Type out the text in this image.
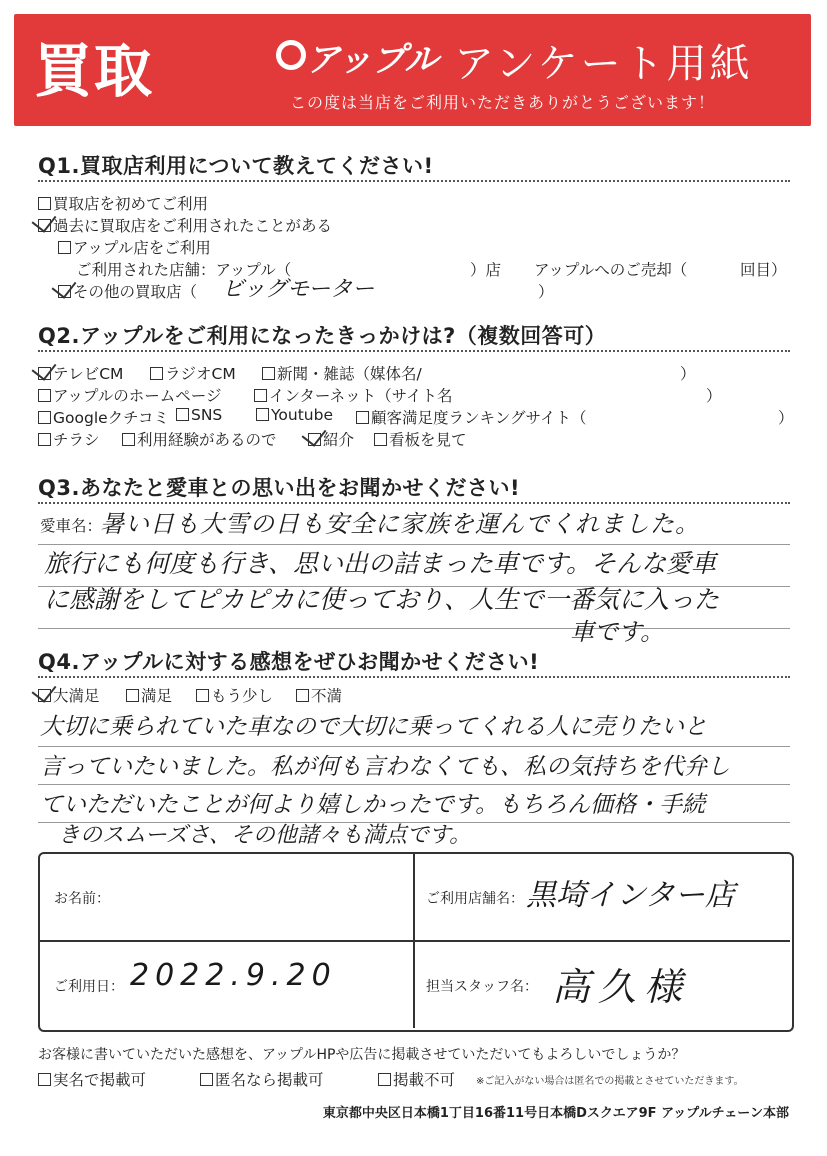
買取	アップル アンケート用紙
この度は当店をご利用いただきありがとうございます！
Q1.買取店利用について教えてください!
買取店を初めてご利用
過去に買取店をご利用されたことがある
アップル店をご利用
ご利用された店舗：アップル（	）店 アップルへのご売却（	回目）
その他の買取店（ ビッグモーター	）
Q2.アップルをご利用になったきっかけは?（複数回答可）
テレビCM	ラジオCM	新聞・雑誌（媒体名/	）
アップルのホームページ	インターネット（サイト名	）
Googleクチコミ	SNS	Youtube	顧客満足度ランキングサイト（	）
チラシ	利用経験があるので	紹介	看板を見て
Q3.あなたと愛車との思い出をお聞かせください!
愛車名：
暑い日も大雪の日も安全に家族を運んでくれました。
旅行にも何度も行き、思い出の詰まった車です。そんな愛車
に感謝をしてピカピカに使っており、人生で一番気に入った
車です。
Q4.アップルに対する感想をぜひお聞かせください!
大満足	満足	もう少し	不満
大切に乗られていた車なので大切に乗ってくれる人に売りたいと
言っていたいました。私が何も言わなくても、私の気持ちを代弁し
ていただいたことが何より嬉しかったです。もちろん価格・手続
きのスムーズさ、その他諸々も満点です。
お名前：	ご利用店舗名： 黒埼インター店
ご利用日： 2022.9.20	担当スタッフ名： 高久様
お客様に書いていただいた感想を、アップルHPや広告に掲載させていただいてもよろしいでしょうか？
実名で掲載可	匿名なら掲載可	掲載不可 ※ご記入がない場合は匿名での掲載とさせていただきます。
東京都中央区日本橋1丁目16番11号日本橋Dスクエア9F アップルチェーン本部
